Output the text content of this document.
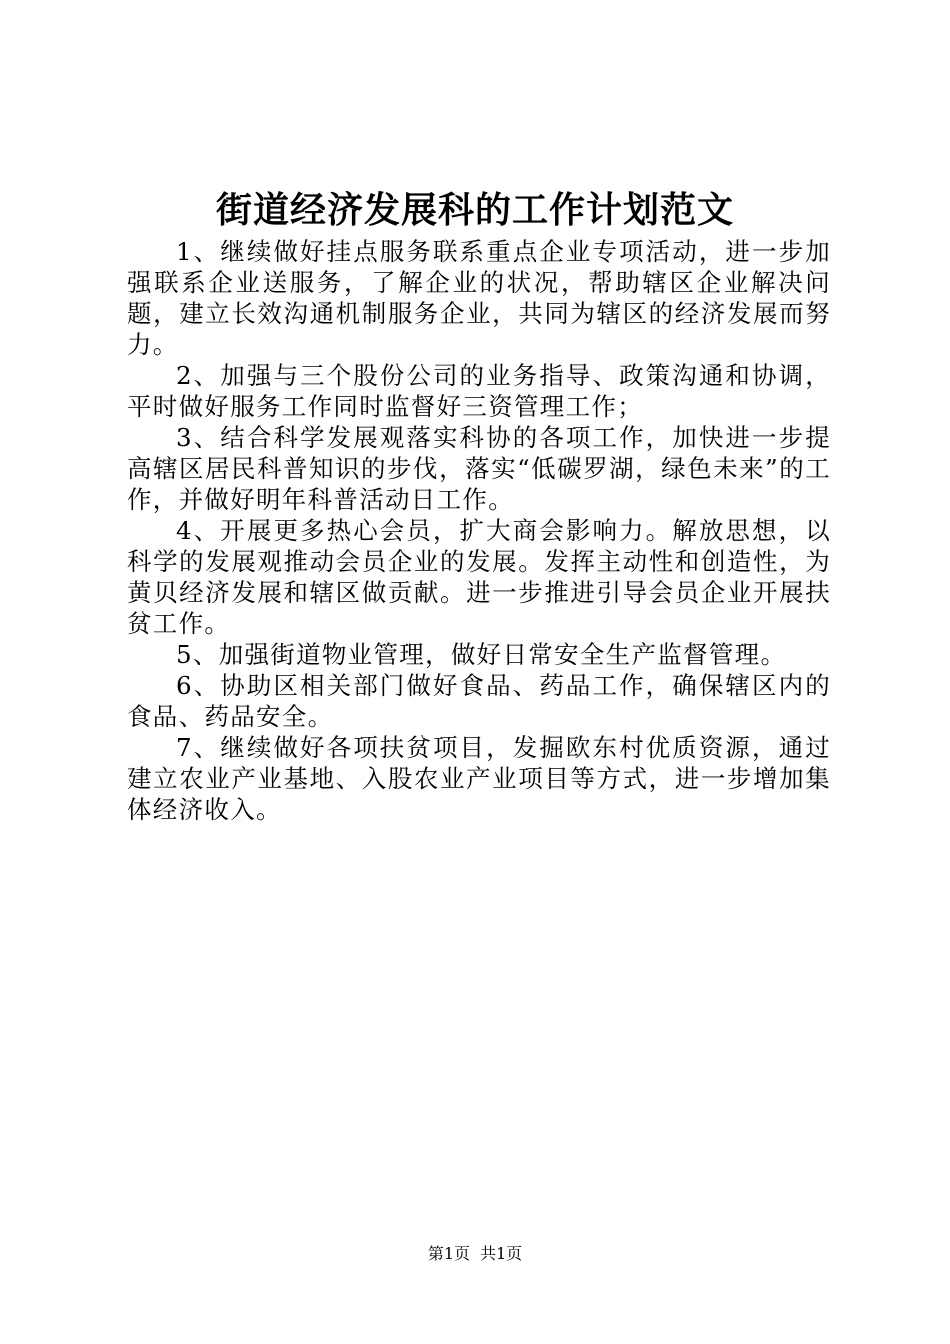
街道经济发展科的工作计划范文

1、继续做好挂点服务联系重点企业专项活动，进一步加强联系企业送服务，了解企业的状况，帮助辖区企业解决问题，建立长效沟通机制服务企业，共同为辖区的经济发展而努力。

2、加强与三个股份公司的业务指导、政策沟通和协调，平时做好服务工作同时监督好三资管理工作；

3、结合科学发展观落实科协的各项工作，加快进一步提高辖区居民科普知识的步伐，落实“低碳罗湖，绿色未来”的工作，并做好明年科普活动日工作。

4、开展更多热心会员，扩大商会影响力。解放思想，以科学的发展观推动会员企业的发展。发挥主动性和创造性，为黄贝经济发展和辖区做贡献。进一步推进引导会员企业开展扶贫工作。

5、加强街道物业管理，做好日常安全生产监督管理。

6、协助区相关部门做好食品、药品工作，确保辖区内的食品、药品安全。

7、继续做好各项扶贫项目，发掘欧东村优质资源，通过建立农业产业基地、入股农业产业项目等方式，进一步增加集体经济收入。

第1页 共1页
